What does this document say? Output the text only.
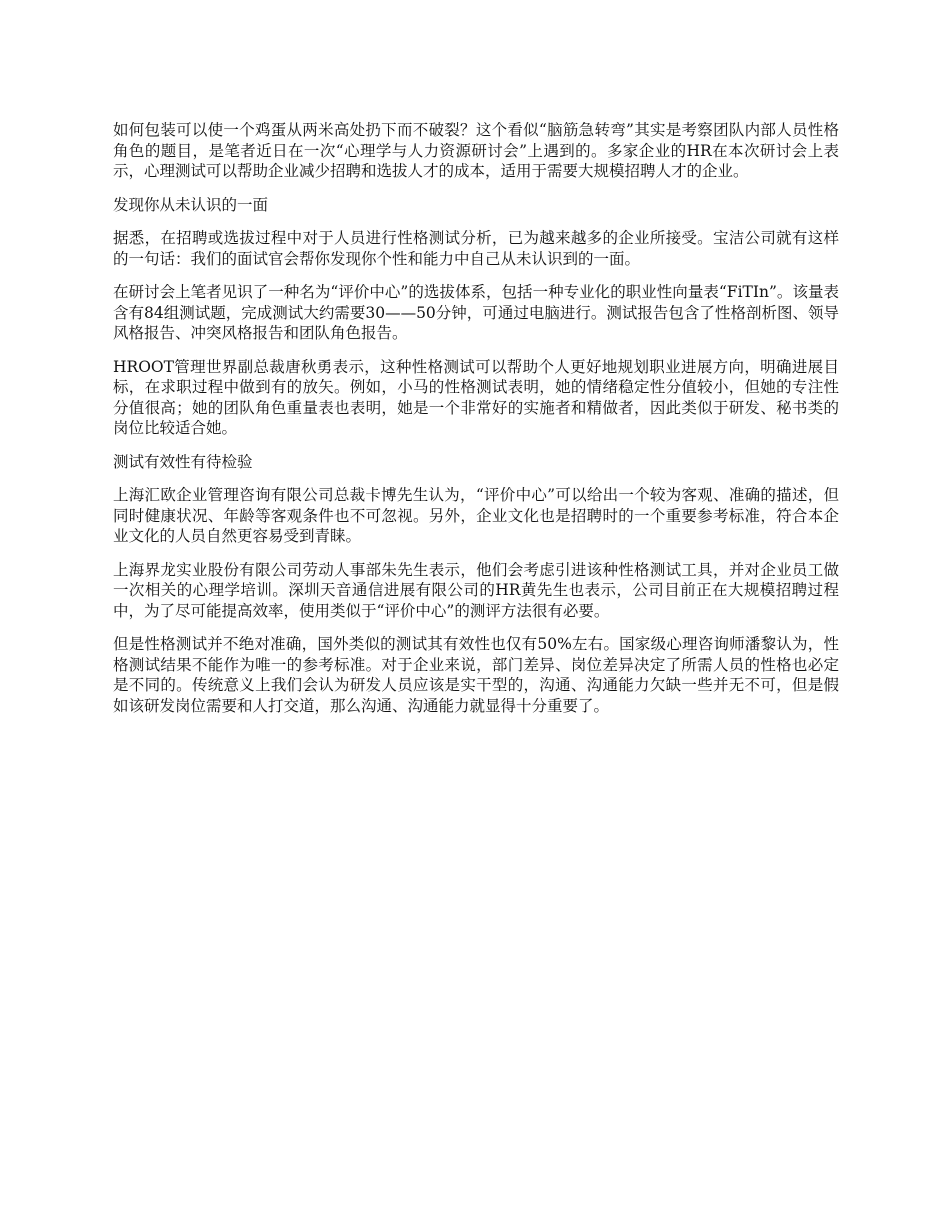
如何包装可以使一个鸡蛋从两米高处扔下而不破裂？这个看似“脑筋急转弯”其实是考察团队内部人员性格角色的题目，是笔者近日在一次“心理学与人力资源研讨会”上遇到的。多家企业的HR在本次研讨会上表示，心理测试可以帮助企业减少招聘和选拔人才的成本，适用于需要大规模招聘人才的企业。

发现你从未认识的一面

据悉，在招聘或选拔过程中对于人员进行性格测试分析，已为越来越多的企业所接受。宝洁公司就有这样的一句话：我们的面试官会帮你发现你个性和能力中自己从未认识到的一面。

在研讨会上笔者见识了一种名为“评价中心”的选拔体系，包括一种专业化的职业性向量表“FiTIn”。该量表含有84组测试题，完成测试大约需要30——50分钟，可通过电脑进行。测试报告包含了性格剖析图、领导风格报告、冲突风格报告和团队角色报告。

HROOT管理世界副总裁唐秋勇表示，这种性格测试可以帮助个人更好地规划职业进展方向，明确进展目标，在求职过程中做到有的放矢。例如，小马的性格测试表明，她的情绪稳定性分值较小，但她的专注性分值很高；她的团队角色重量表也表明，她是一个非常好的实施者和精做者，因此类似于研发、秘书类的岗位比较适合她。

测试有效性有待检验

上海汇欧企业管理咨询有限公司总裁卡博先生认为，“评价中心”可以给出一个较为客观、准确的描述，但同时健康状况、年龄等客观条件也不可忽视。另外，企业文化也是招聘时的一个重要参考标准，符合本企业文化的人员自然更容易受到青睐。

上海界龙实业股份有限公司劳动人事部朱先生表示，他们会考虑引进该种性格测试工具，并对企业员工做一次相关的心理学培训。深圳天音通信进展有限公司的HR黄先生也表示，公司目前正在大规模招聘过程中，为了尽可能提高效率，使用类似于“评价中心”的测评方法很有必要。

但是性格测试并不绝对准确，国外类似的测试其有效性也仅有50%左右。国家级心理咨询师潘黎认为，性格测试结果不能作为唯一的参考标准。对于企业来说，部门差异、岗位差异决定了所需人员的性格也必定是不同的。传统意义上我们会认为研发人员应该是实干型的，沟通、沟通能力欠缺一些并无不可，但是假如该研发岗位需要和人打交道，那么沟通、沟通能力就显得十分重要了。
